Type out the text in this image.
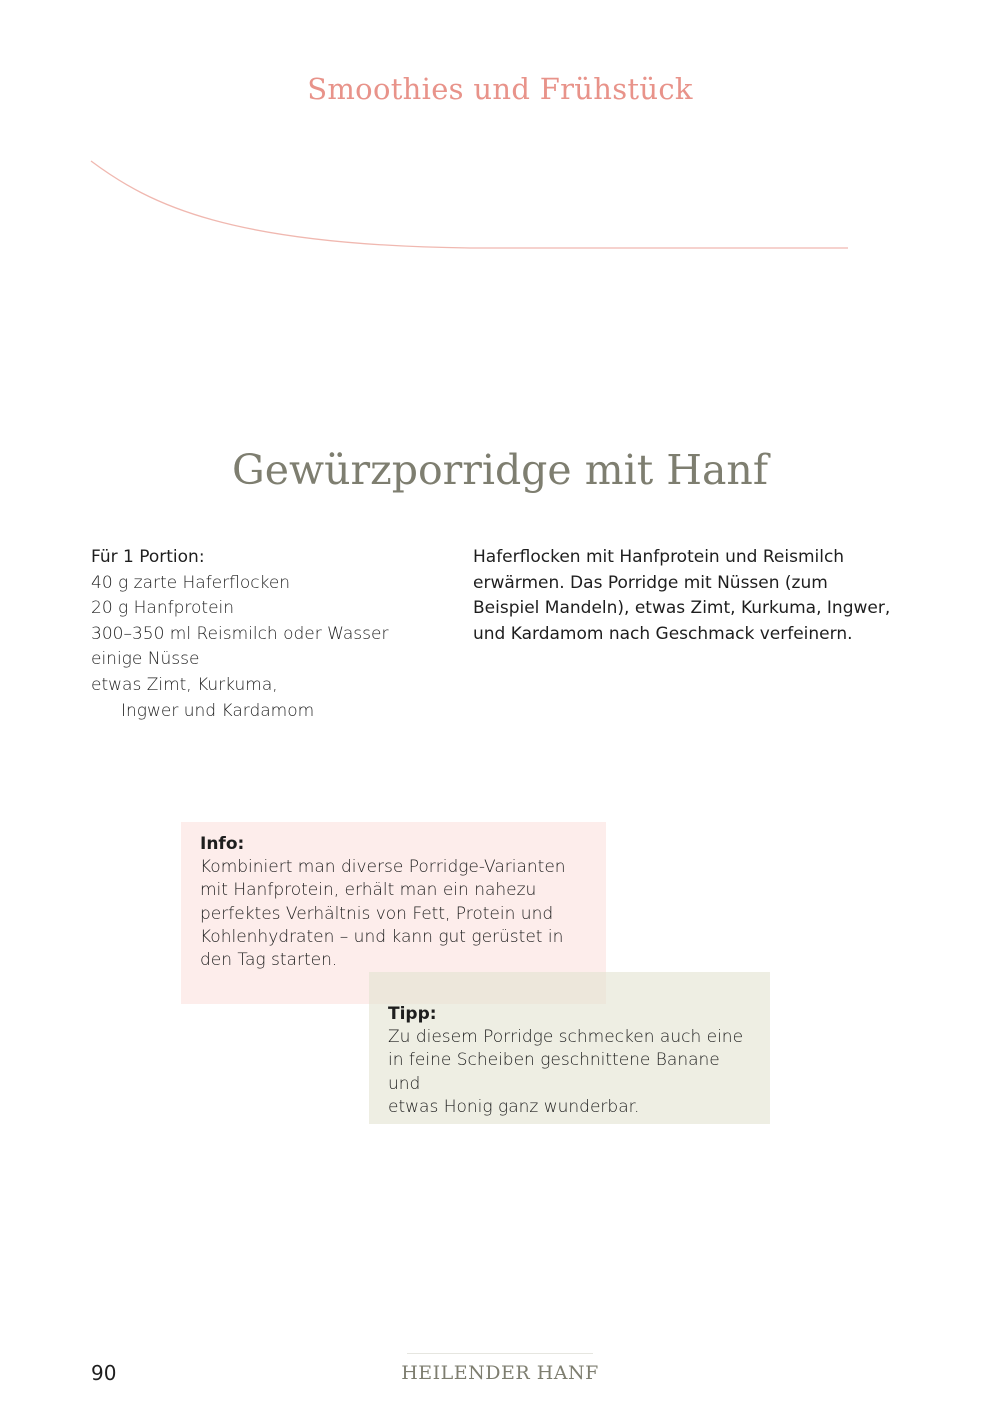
Smoothies und Frühstück
Gewürzporridge mit Hanf
Für 1 Portion:
40 g zarte Haferflocken
20 g Hanfprotein
300–350 ml Reismilch oder Wasser
einige Nüsse
etwas Zimt, Kurkuma,
Ingwer und Kardamom
Haferflocken mit Hanfprotein und Reismilch
erwärmen. Das Porridge mit Nüssen (zum
Beispiel Mandeln), etwas Zimt, Kurkuma, Ingwer,
und Kardamom nach Geschmack verfeinern.
Info:
Kombiniert man diverse Porridge-Varianten
mit Hanfprotein, erhält man ein nahezu
perfektes Verhältnis von Fett, Protein und
Kohlenhydraten – und kann gut gerüstet in
den Tag starten.
Tipp:
Zu diesem Porridge schmecken auch eine
in feine Scheiben geschnittene Banane und
etwas Honig ganz wunderbar.
90	HEILENDER HANF
